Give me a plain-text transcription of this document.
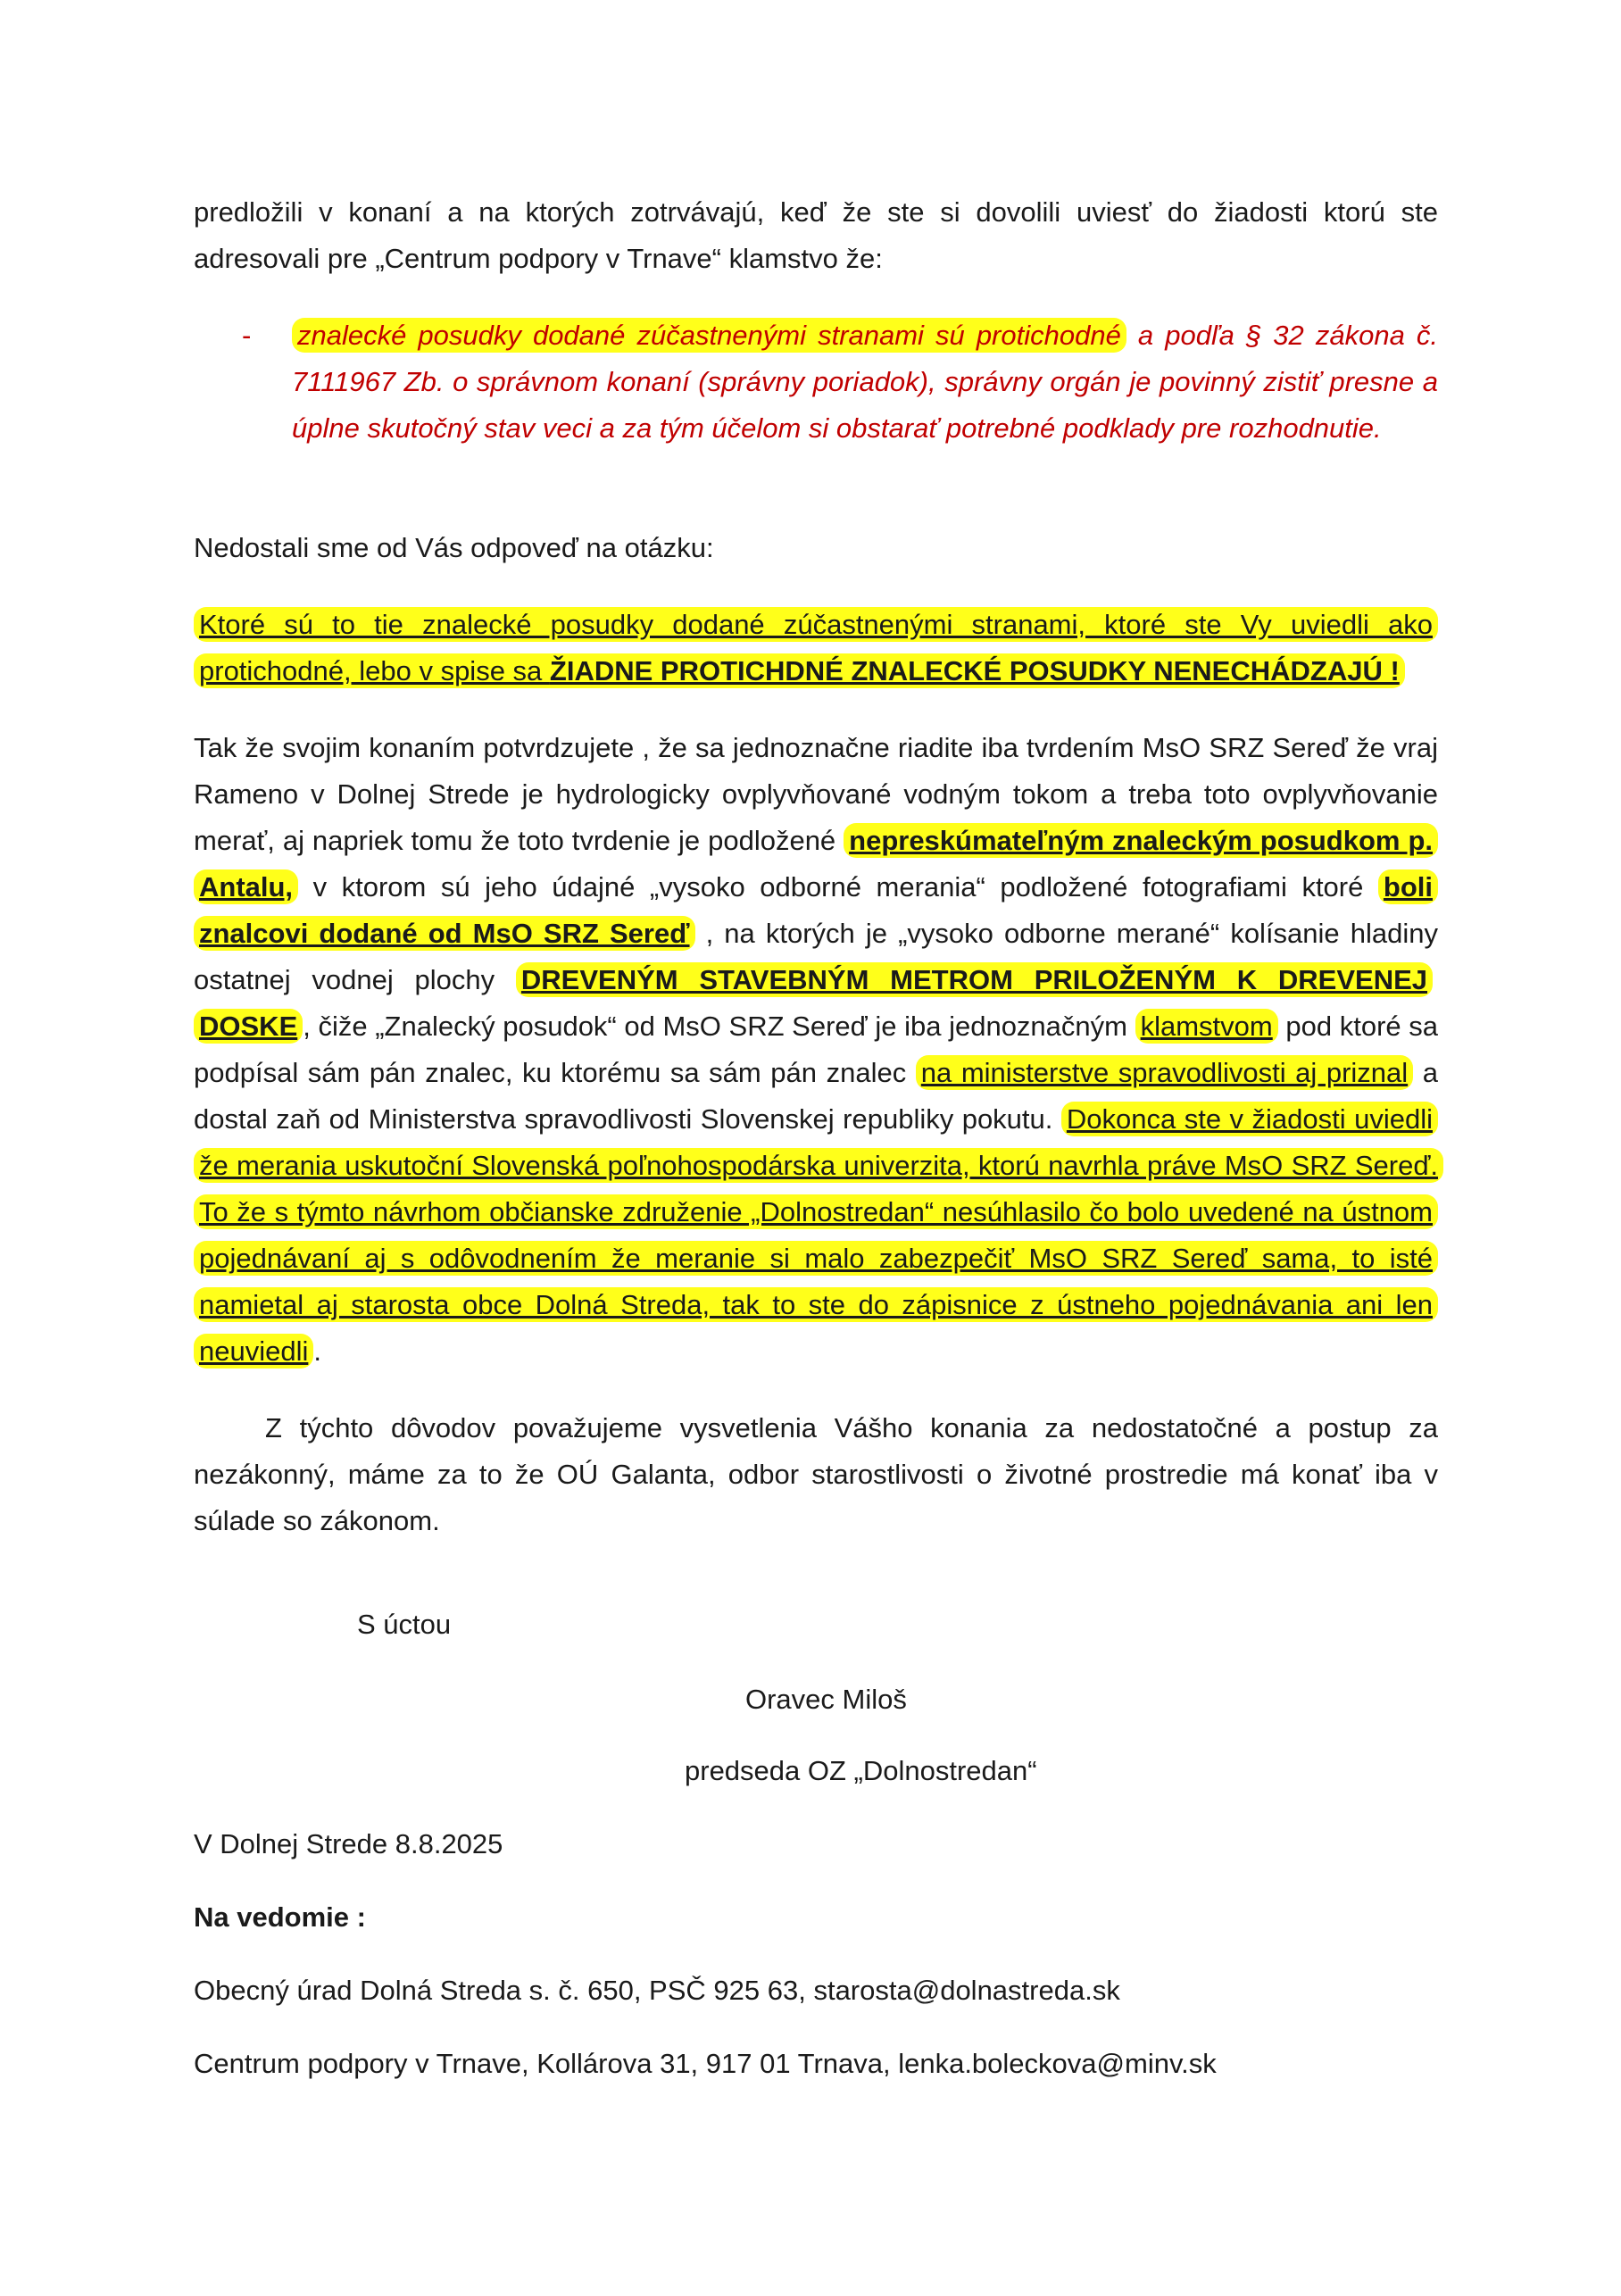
predložili v konaní a na ktorých zotrvávajú, keď že ste si dovolili uviesť do žiadosti ktorú ste adresovali pre „Centrum podpory v Trnave“ klamstvo že:

- znalecké posudky dodané zúčastnenými stranami sú protichodné a podľa § 32 zákona č. 7111967 Zb. o správnom konaní (správny poriadok), správny orgán je povinný zistiť presne a úplne skutočný stav veci a za tým účelom si obstarať potrebné podklady pre rozhodnutie.

Nedostali sme od Vás odpoveď na otázku:

Ktoré sú to tie znalecké posudky dodané zúčastnenými stranami, ktoré ste Vy uviedli ako protichodné, lebo v spise sa ŽIADNE PROTICHDNÉ ZNALECKÉ POSUDKY NENECHÁDZAJÚ !

Tak že svojim konaním potvrdzujete , že sa jednoznačne riadite iba tvrdením MsO SRZ Sereď že vraj Rameno v Dolnej Strede je hydrologicky ovplyvňované vodným tokom a treba toto ovplyvňovanie merať, aj napriek tomu že toto tvrdenie je podložené nepreskúmateľným znaleckým posudkom p. Antalu, v ktorom sú jeho údajné „vysoko odborné merania“ podložené fotografiami ktoré boli znalcovi dodané od MsO SRZ Sereď , na ktorých je „vysoko odborne merané“ kolísanie hladiny ostatnej vodnej plochy DREVENÝM STAVEBNÝM METROM PRILOŽENÝM K DREVENEJ DOSKE , čiže „Znalecký posudok“ od MsO SRZ Sereď je iba jednoznačným klamstvom pod ktoré sa podpísal sám pán znalec, ku ktorému sa sám pán znalec na ministerstve spravodlivosti aj priznal a dostal zaň od Ministerstva spravodlivosti Slovenskej republiky pokutu. Dokonca ste v žiadosti uviedli že merania uskutoční Slovenská poľnohospodárska univerzita, ktorú navrhla práve MsO SRZ Sereď. To že s týmto návrhom občianske združenie „Dolnostredan“ nesúhlasilo čo bolo uvedené na ústnom pojednávaní aj s odôvodnením že meranie si malo zabezpečiť MsO SRZ Sereď sama, to isté namietal aj starosta obce Dolná Streda, tak to ste do zápisnice z ústneho pojednávania ani len neuviedli .

Z týchto dôvodov považujeme vysvetlenia Vášho konania za nedostatočné a postup za nezákonný, máme za to že OÚ Galanta, odbor starostlivosti o životné prostredie má konať iba v súlade so zákonom.

S úctou

Oravec Miloš

predseda OZ „Dolnostredan“

V Dolnej Strede 8.8.2025

Na vedomie :

Obecný úrad Dolná Streda s. č. 650, PSČ 925 63, starosta@dolnastreda.sk

Centrum podpory v Trnave, Kollárova 31, 917 01 Trnava, lenka.boleckova@minv.sk
